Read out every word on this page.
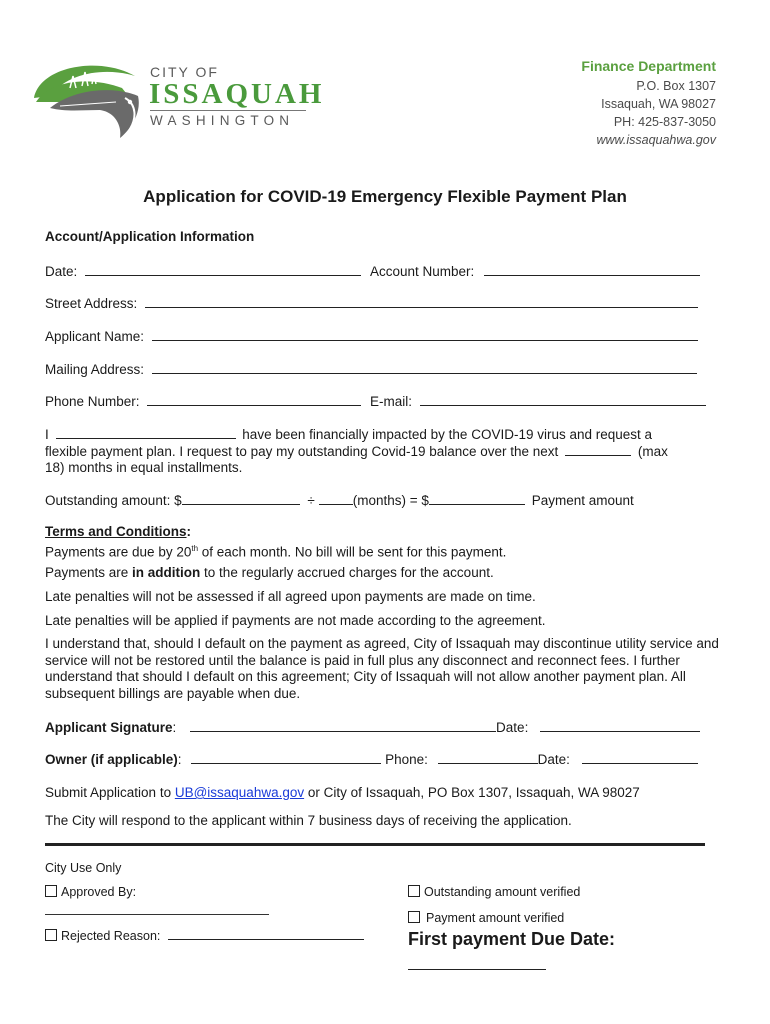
CITY OF
ISSAQUAH
WASHINGTON
Finance Department
P.O. Box 1307
Issaquah, WA 98027
PH: 425-837-3050
www.issaquahwa.gov
Application for COVID-19 Emergency Flexible Payment Plan
Account/Application Information
Date:	Account Number:
Street Address:
Applicant Name:
Mailing Address:
Phone Number:	E-mail:
I	have been financially impacted by the COVID-19 virus and request a
flexible payment plan. I request to pay my outstanding Covid-19 balance over the next	(max
18) months in equal installments.
Outstanding amount: $	÷	(months) = $	Payment amount
Terms and Conditions:
Payments are due by 20th of each month. No bill will be sent for this payment.
Payments are in addition to the regularly accrued charges for the account.
Late penalties will not be assessed if all agreed upon payments are made on time.
Late penalties will be applied if payments are not made according to the agreement.
I understand that, should I default on the payment as agreed, City of Issaquah may discontinue utility service and service will not be restored until the balance is paid in full plus any disconnect and reconnect fees. I further understand that should I default on this agreement; City of Issaquah will not allow another payment plan. All subsequent billings are payable when due.
Applicant Signature:	Date:
Owner (if applicable):	Phone:	Date:
Submit Application to UB@issaquahwa.gov or City of Issaquah, PO Box 1307, Issaquah, WA 98027
The City will respond to the applicant within 7 business days of receiving the application.
City Use Only
Approved By:
Rejected Reason:
Outstanding amount verified
Payment amount verified
First payment Due Date:
